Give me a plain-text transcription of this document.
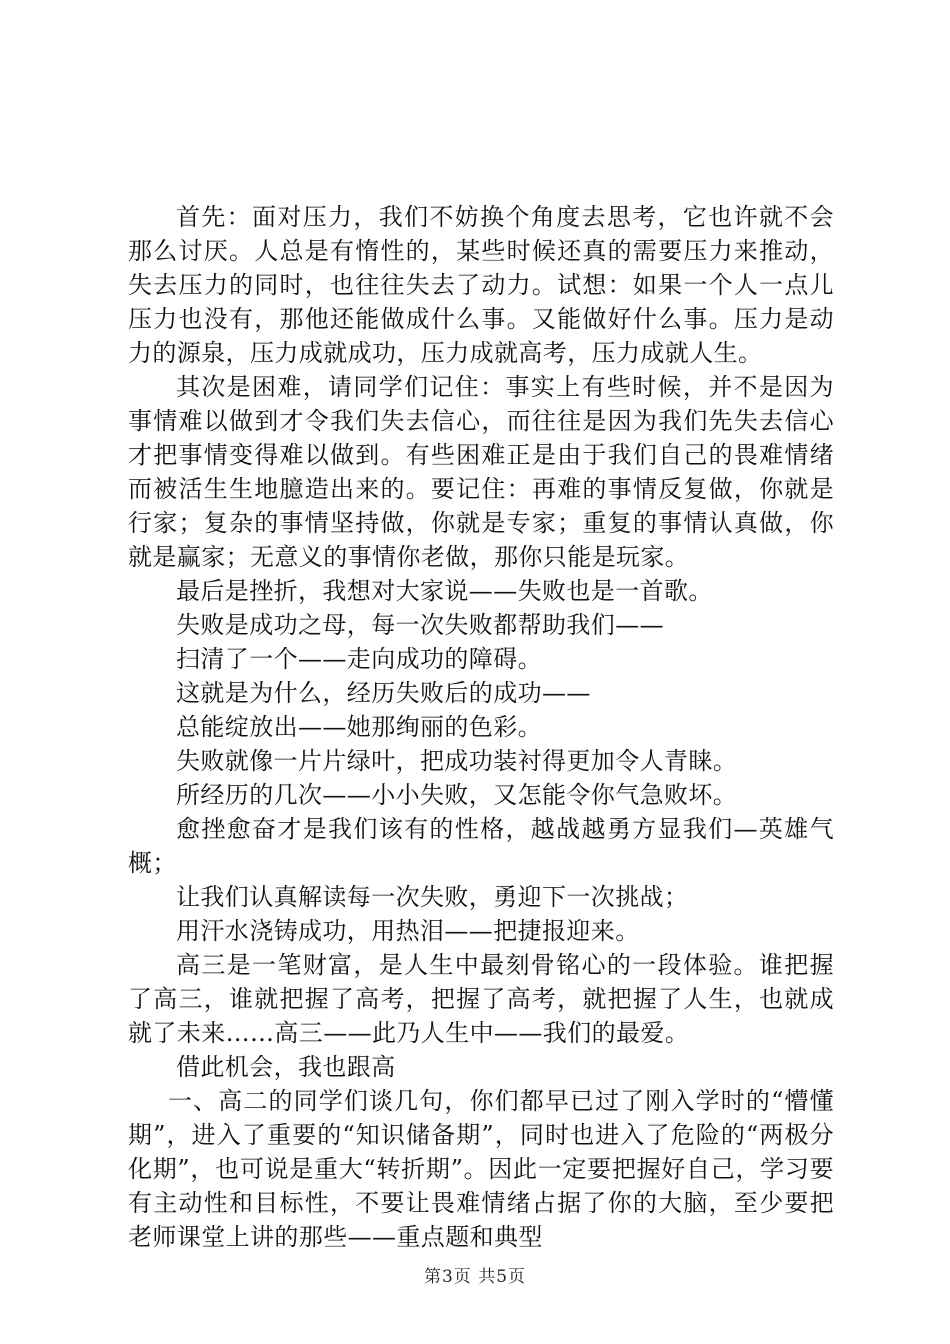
首先：面对压力，我们不妨换个角度去思考，它也许就不会那么讨厌。人总是有惰性的，某些时候还真的需要压力来推动，失去压力的同时，也往往失去了动力。试想：如果一个人一点儿压力也没有，那他还能做成什么事。又能做好什么事。压力是动力的源泉，压力成就成功，压力成就高考，压力成就人生。

其次是困难，请同学们记住：事实上有些时候，并不是因为事情难以做到才令我们失去信心，而往往是因为我们先失去信心才把事情变得难以做到。有些困难正是由于我们自己的畏难情绪而被活生生地臆造出来的。要记住：再难的事情反复做，你就是行家；复杂的事情坚持做，你就是专家；重复的事情认真做，你就是赢家；无意义的事情你老做，那你只能是玩家。

最后是挫折，我想对大家说——失败也是一首歌。

失败是成功之母，每一次失败都帮助我们——

扫清了一个——走向成功的障碍。

这就是为什么，经历失败后的成功——

总能绽放出——她那绚丽的色彩。

失败就像一片片绿叶，把成功装衬得更加令人青睐。

所经历的几次——小小失败，又怎能令你气急败坏。

愈挫愈奋才是我们该有的性格，越战越勇方显我们—英雄气概；

让我们认真解读每一次失败，勇迎下一次挑战；

用汗水浇铸成功，用热泪——把捷报迎来。

高三是一笔财富，是人生中最刻骨铭心的一段体验。谁把握了高三，谁就把握了高考，把握了高考，就把握了人生，也就成就了未来……高三——此乃人生中——我们的最爱。

借此机会，我也跟高

一、高二的同学们谈几句，你们都早已过了刚入学时的“懵懂期”，进入了重要的“知识储备期”，同时也进入了危险的“两极分化期”，也可说是重大“转折期”。因此一定要把握好自己，学习要有主动性和目标性，不要让畏难情绪占据了你的大脑，至少要把老师课堂上讲的那些——重点题和典型

第3页 共5页
